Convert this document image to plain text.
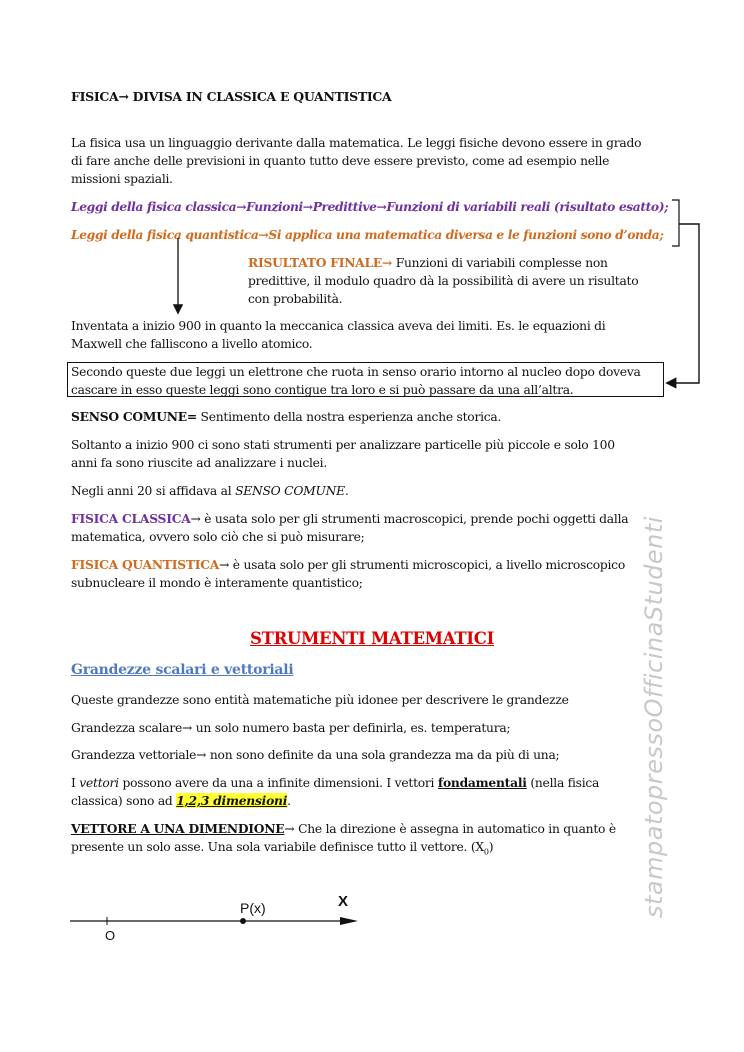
FISICA→ DIVISA IN CLASSICA E QUANTISTICA

La fisica usa un linguaggio derivante dalla matematica. Le leggi fisiche devono essere in grado

di fare anche delle previsioni in quanto tutto deve essere previsto, come ad esempio nelle

missioni spaziali.

Leggi della fisica classica→Funzioni→Predittive→Funzioni di variabili reali (risultato esatto);

Leggi della fisica quantistica→Si applica una matematica diversa e le funzioni sono d’onda;

RISULTATO FINALE→ Funzioni di variabili complesse non

predittive, il modulo quadro dà la possibilità di avere un risultato

con probabilità.

Inventata a inizio 900 in quanto la meccanica classica aveva dei limiti. Es. le equazioni di

Maxwell che falliscono a livello atomico.

Secondo queste due leggi un elettrone che ruota in senso orario intorno al nucleo dopo doveva

cascare in esso queste leggi sono contigue tra loro e si può passare da una all’altra.

SENSO COMUNE= Sentimento della nostra esperienza anche storica.

Soltanto a inizio 900 ci sono stati strumenti per analizzare particelle più piccole e solo 100

anni fa sono riuscite ad analizzare i nuclei.

Negli anni 20 si affidava al SENSO COMUNE.

FISICA CLASSICA→ è usata solo per gli strumenti macroscopici, prende pochi oggetti dalla

matematica, ovvero solo ciò che si può misurare;

FISICA QUANTISTICA→ è usata solo per gli strumenti microscopici, a livello microscopico

subnucleare il mondo è interamente quantistico;

STRUMENTI MATEMATICI

Grandezze scalari e vettoriali

Queste grandezze sono entità matematiche più idonee per descrivere le grandezze

Grandezza scalare→ un solo numero basta per definirla, es. temperatura;

Grandezza vettoriale→ non sono definite da una sola grandezza ma da più di una;

I vettori possono avere da una a infinite dimensioni. I vettori fondamentali (nella fisica

classica) sono ad 1,2,3 dimensioni.

VETTORE A UNA DIMENDIONE→ Che la direzione è assegna in automatico in quanto è

presente un solo asse. Una sola variabile definisce tutto il vettore. $(X_0)$

O
P(x)	X	stampatopressoOfficinaStudenti
